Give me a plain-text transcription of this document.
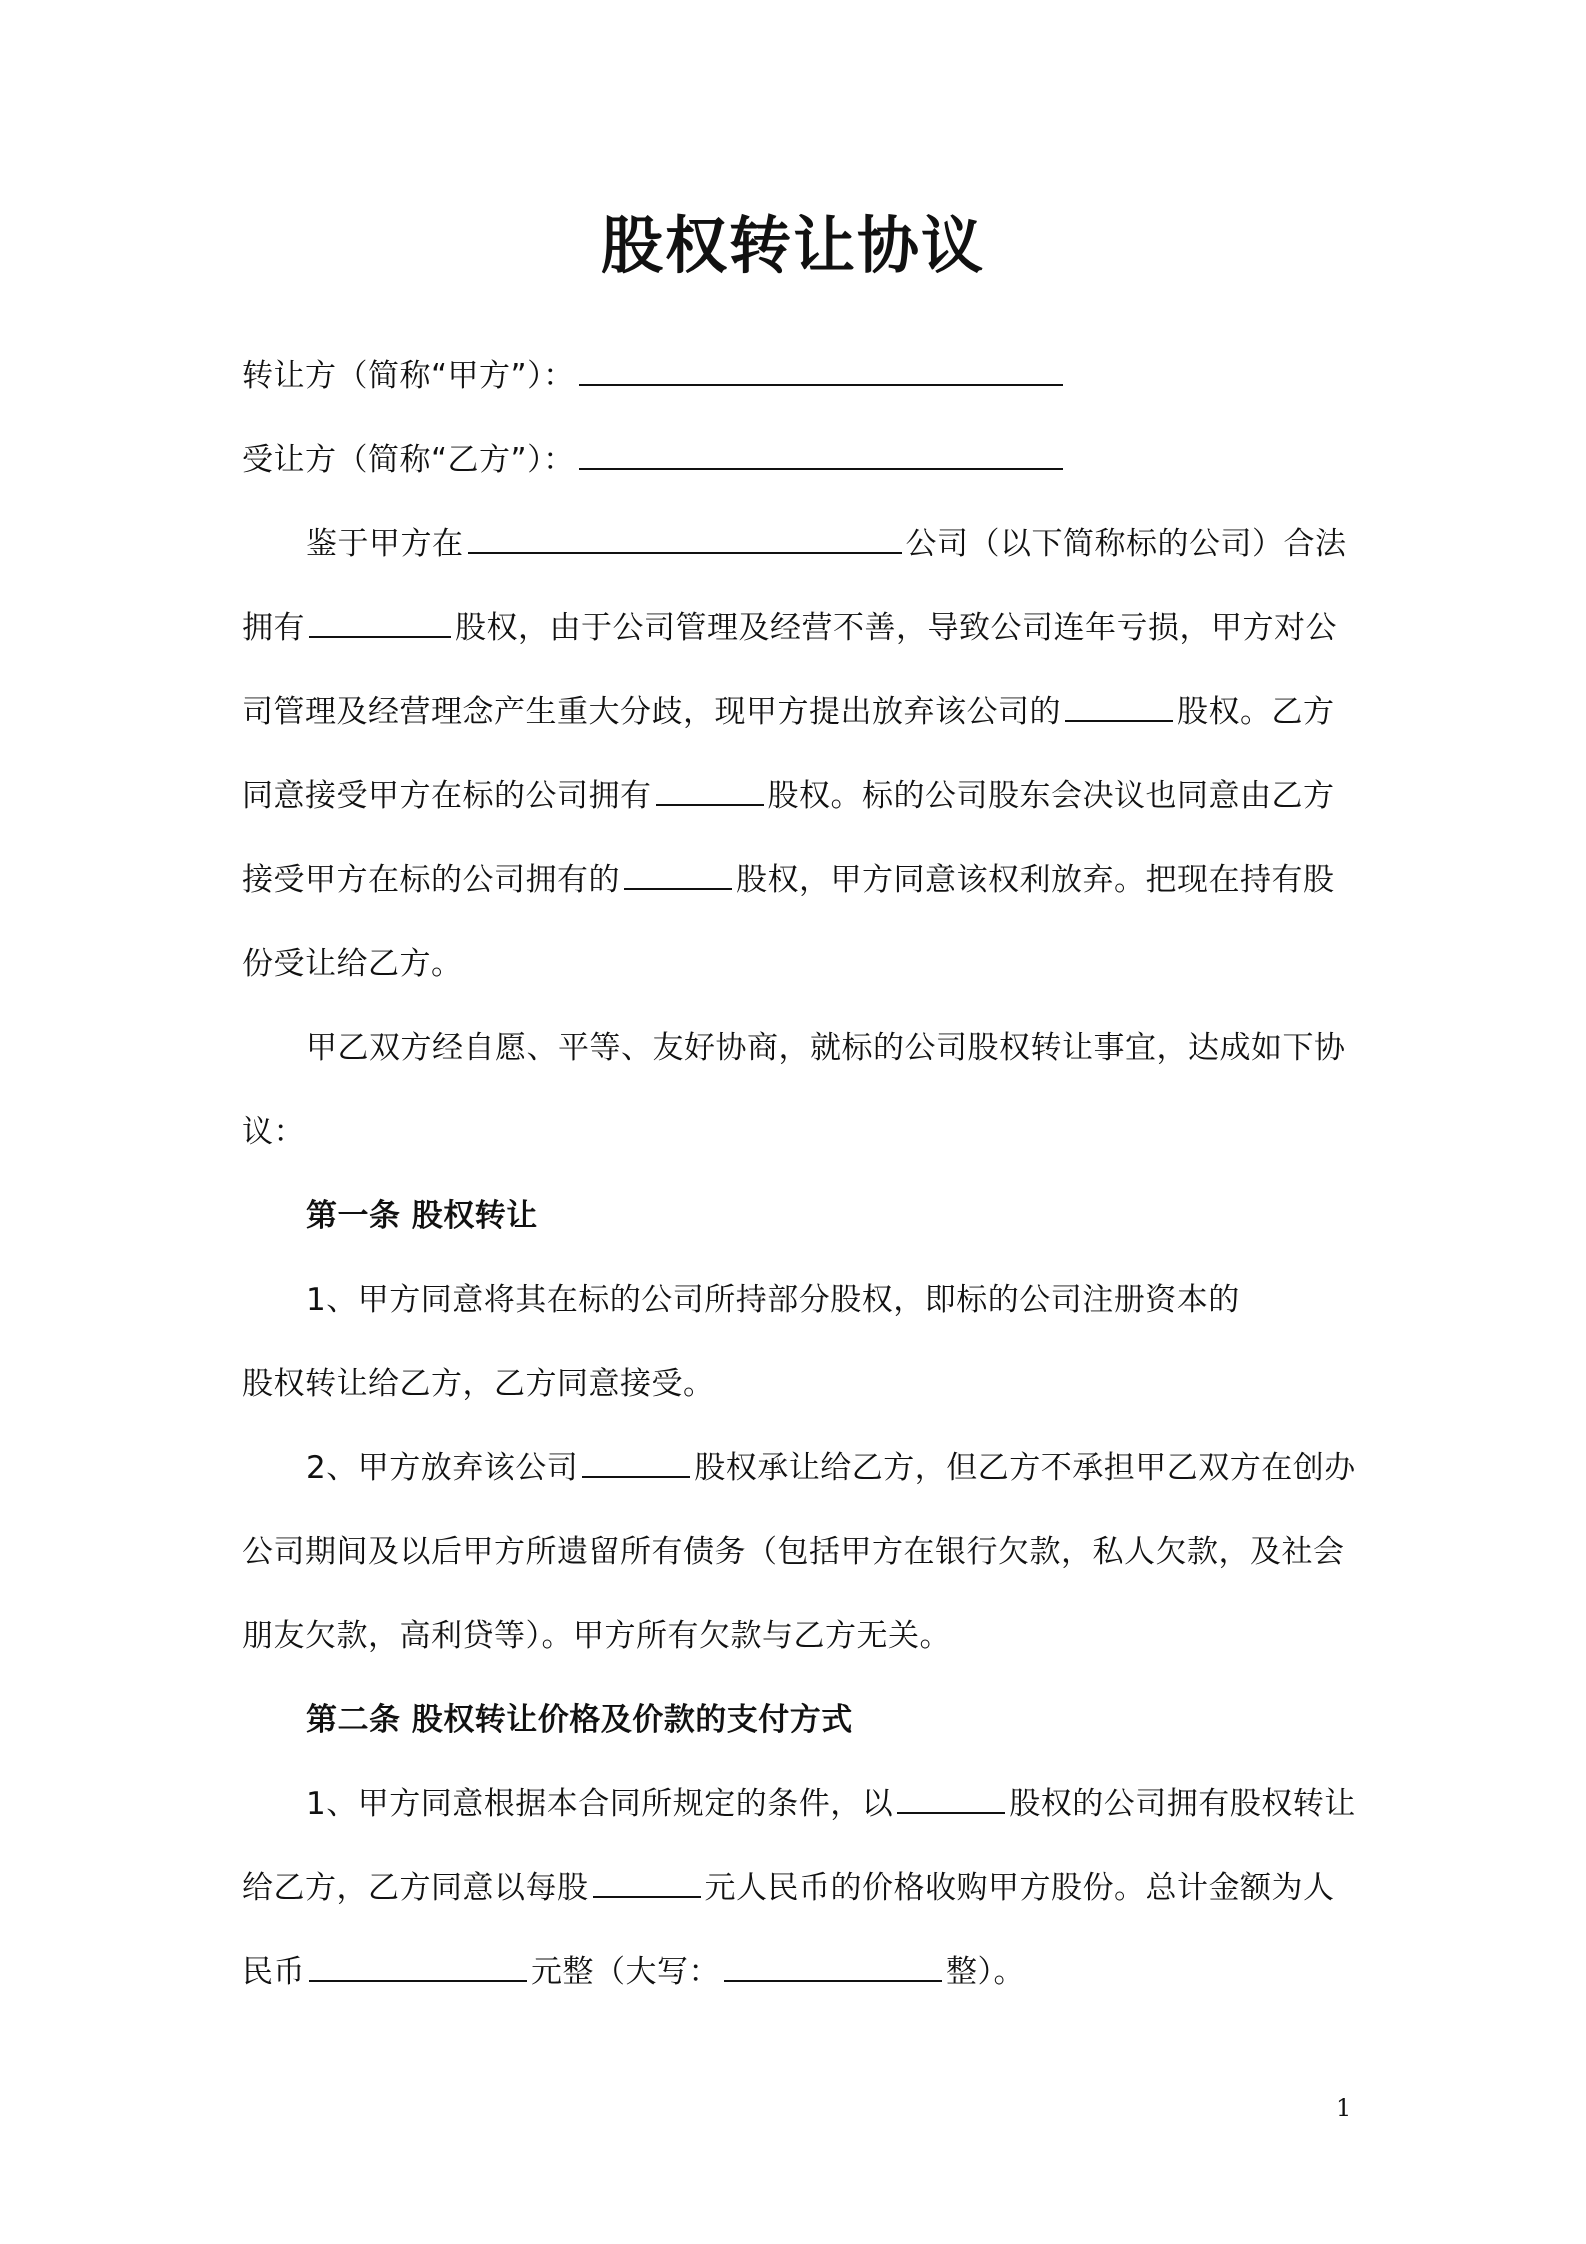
股权转让协议
转让方（简称“甲方”）：
受让方（简称“乙方”）：
鉴于甲方在	公司（以下简称标的公司）合法
拥有	股权，由于公司管理及经营不善，导致公司连年亏损，甲方对公
司管理及经营理念产生重大分歧，现甲方提出放弃该公司的	股权。乙方
同意接受甲方在标的公司拥有	股权。标的公司股东会决议也同意由乙方
接受甲方在标的公司拥有的	股权，甲方同意该权利放弃。把现在持有股
份受让给乙方。
甲乙双方经自愿、平等、友好协商，就标的公司股权转让事宜，达成如下协
议：
第一条 股权转让
1、甲方同意将其在标的公司所持部分股权，即标的公司注册资本的
股权转让给乙方，乙方同意接受。
2、甲方放弃该公司	股权承让给乙方，但乙方不承担甲乙双方在创办
公司期间及以后甲方所遗留所有债务（包括甲方在银行欠款，私人欠款，及社会
朋友欠款，高利贷等）。甲方所有欠款与乙方无关。
第二条 股权转让价格及价款的支付方式
1、甲方同意根据本合同所规定的条件，以	股权的公司拥有股权转让
给乙方，乙方同意以每股	元人民币的价格收购甲方股份。总计金额为人
民币	元整（大写：	整）。
1
